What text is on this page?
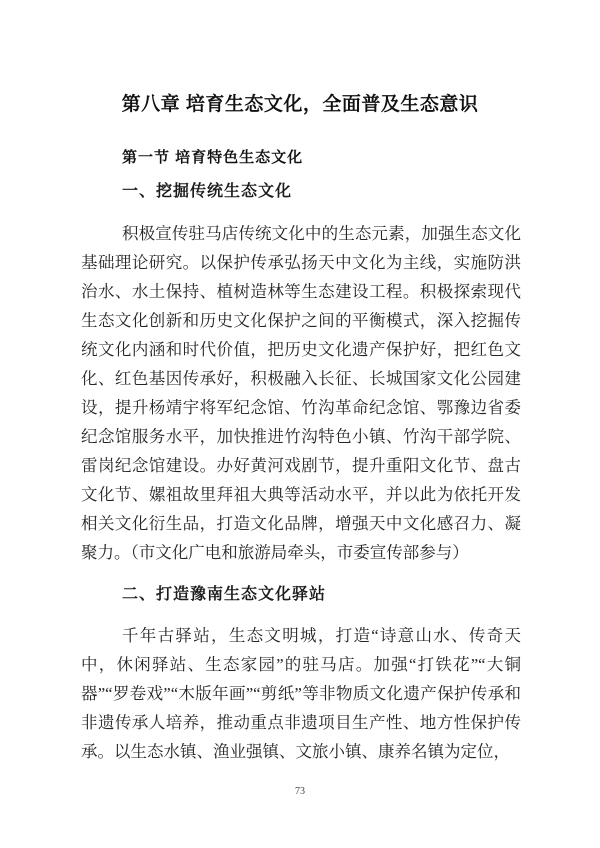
第八章 培育生态文化，全面普及生态意识
第一节 培育特色生态文化
一、挖掘传统生态文化

积极宣传驻马店传统文化中的生态元素，加强生态文化基础理论研究。以保护传承弘扬天中文化为主线，实施防洪治水、水土保持、植树造林等生态建设工程。积极探索现代生态文化创新和历史文化保护之间的平衡模式，深入挖掘传统文化内涵和时代价值，把历史文化遗产保护好，把红色文化、红色基因传承好，积极融入长征、长城国家文化公园建设，提升杨靖宇将军纪念馆、竹沟革命纪念馆、鄂豫边省委纪念馆服务水平，加快推进竹沟特色小镇、竹沟干部学院、雷岗纪念馆建设。办好黄河戏剧节，提升重阳文化节、盘古文化节、嫘祖故里拜祖大典等活动水平，并以此为依托开发相关文化衍生品，打造文化品牌，增强天中文化感召力、凝聚力。（市文化广电和旅游局牵头，市委宣传部参与）

二、打造豫南生态文化驿站

千年古驿站，生态文明城，打造“诗意山水、传奇天中，休闲驿站、生态家园”的驻马店。加强“打铁花”“大铜器”“罗卷戏”“木版年画”“剪纸”等非物质文化遗产保护传承和非遗传承人培养，推动重点非遗项目生产性、地方性保护传承。以生态水镇、渔业强镇、文旅小镇、康养名镇为定位，

73
